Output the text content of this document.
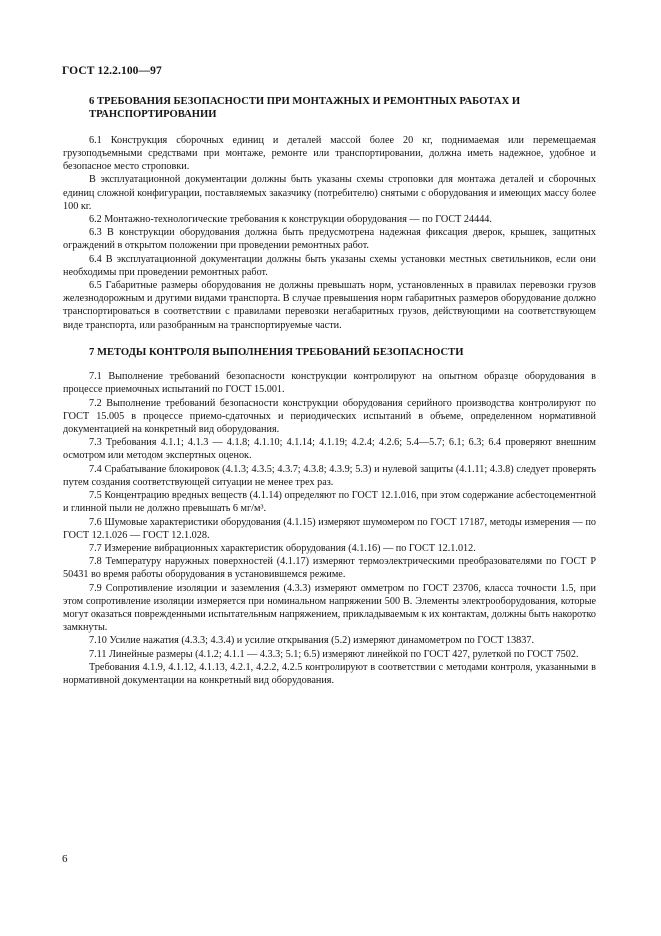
ГОСТ 12.2.100—97
6 ТРЕБОВАНИЯ БЕЗОПАСНОСТИ ПРИ МОНТАЖНЫХ И РЕМОНТНЫХ РАБОТАХ И ТРАНСПОРТИРОВАНИИ

6.1 Конструкция сборочных единиц и деталей массой более 20 кг, поднимаемая или перемещаемая грузоподъемными средствами при монтаже, ремонте или транспортировании, должна иметь надежное, удобное и безопасное место строповки.

В эксплуатационной документации должны быть указаны схемы строповки для монтажа деталей и сборочных единиц сложной конфигурации, поставляемых заказчику (потребителю) снятыми с оборудования и имеющих массу более 100 кг.

6.2 Монтажно-технологические требования к конструкции оборудования — по ГОСТ 24444.

6.3 В конструкции оборудования должна быть предусмотрена надежная фиксация дверок, крышек, защитных ограждений в открытом положении при проведении ремонтных работ.

6.4 В эксплуатационной документации должны быть указаны схемы установки местных светильников, если они необходимы при проведении ремонтных работ.

6.5 Габаритные размеры оборудования не должны превышать норм, установленных в правилах перевозки грузов железнодорожным и другими видами транспорта. В случае превышения норм габаритных размеров оборудование должно транспортироваться в соответствии с правилами перевозки негабаритных грузов, действующими на соответствующем виде транспорта, или разобранным на транспортируемые части.

7 МЕТОДЫ КОНТРОЛЯ ВЫПОЛНЕНИЯ ТРЕБОВАНИЙ БЕЗОПАСНОСТИ

7.1 Выполнение требований безопасности конструкции контролируют на опытном образце оборудования в процессе приемочных испытаний по ГОСТ 15.001.

7.2 Выполнение требований безопасности конструкции оборудования серийного производства контролируют по ГОСТ 15.005 в процессе приемо-сдаточных и периодических испытаний в объеме, определенном нормативной документацией на конкретный вид оборудования.

7.3 Требования 4.1.1; 4.1.3 — 4.1.8; 4.1.10; 4.1.14; 4.1.19; 4.2.4; 4.2.6; 5.4—5.7; 6.1; 6.3; 6.4 проверяют внешним осмотром или методом экспертных оценок.

7.4 Срабатывание блокировок (4.1.3; 4.3.5; 4.3.7; 4.3.8; 4.3.9; 5.3) и нулевой защиты (4.1.11; 4.3.8) следует проверять путем создания соответствующей ситуации не менее трех раз.

7.5 Концентрацию вредных веществ (4.1.14) определяют по ГОСТ 12.1.016, при этом содержание асбестоцементной и глинной пыли не должно превышать 6 мг/м³.

7.6 Шумовые характеристики оборудования (4.1.15) измеряют шумомером по ГОСТ 17187, методы измерения — по ГОСТ 12.1.026 — ГОСТ 12.1.028.

7.7 Измерение вибрационных характеристик оборудования (4.1.16) — по ГОСТ 12.1.012.

7.8 Температуру наружных поверхностей (4.1.17) измеряют термоэлектрическими преобразователями по ГОСТ Р 50431 во время работы оборудования в установившемся режиме.

7.9 Сопротивление изоляции и заземления (4.3.3) измеряют омметром по ГОСТ 23706, класса точности 1.5, при этом сопротивление изоляции измеряется при номинальном напряжении 500 В. Элементы электрооборудования, которые могут оказаться поврежденными испытательным напряжением, прикладываемым к их контактам, должны быть накоротко замкнуты.

7.10 Усилие нажатия (4.3.3; 4.3.4) и усилие открывания (5.2) измеряют динамометром по ГОСТ 13837.

7.11 Линейные размеры (4.1.2; 4.1.1 — 4.3.3; 5.1; 6.5) измеряют линейкой по ГОСТ 427, рулеткой по ГОСТ 7502.

Требования 4.1.9, 4.1.12, 4.1.13, 4.2.1, 4.2.2, 4.2.5 контролируют в соответствии с методами контроля, указанными в нормативной документации на конкретный вид оборудования.

6
